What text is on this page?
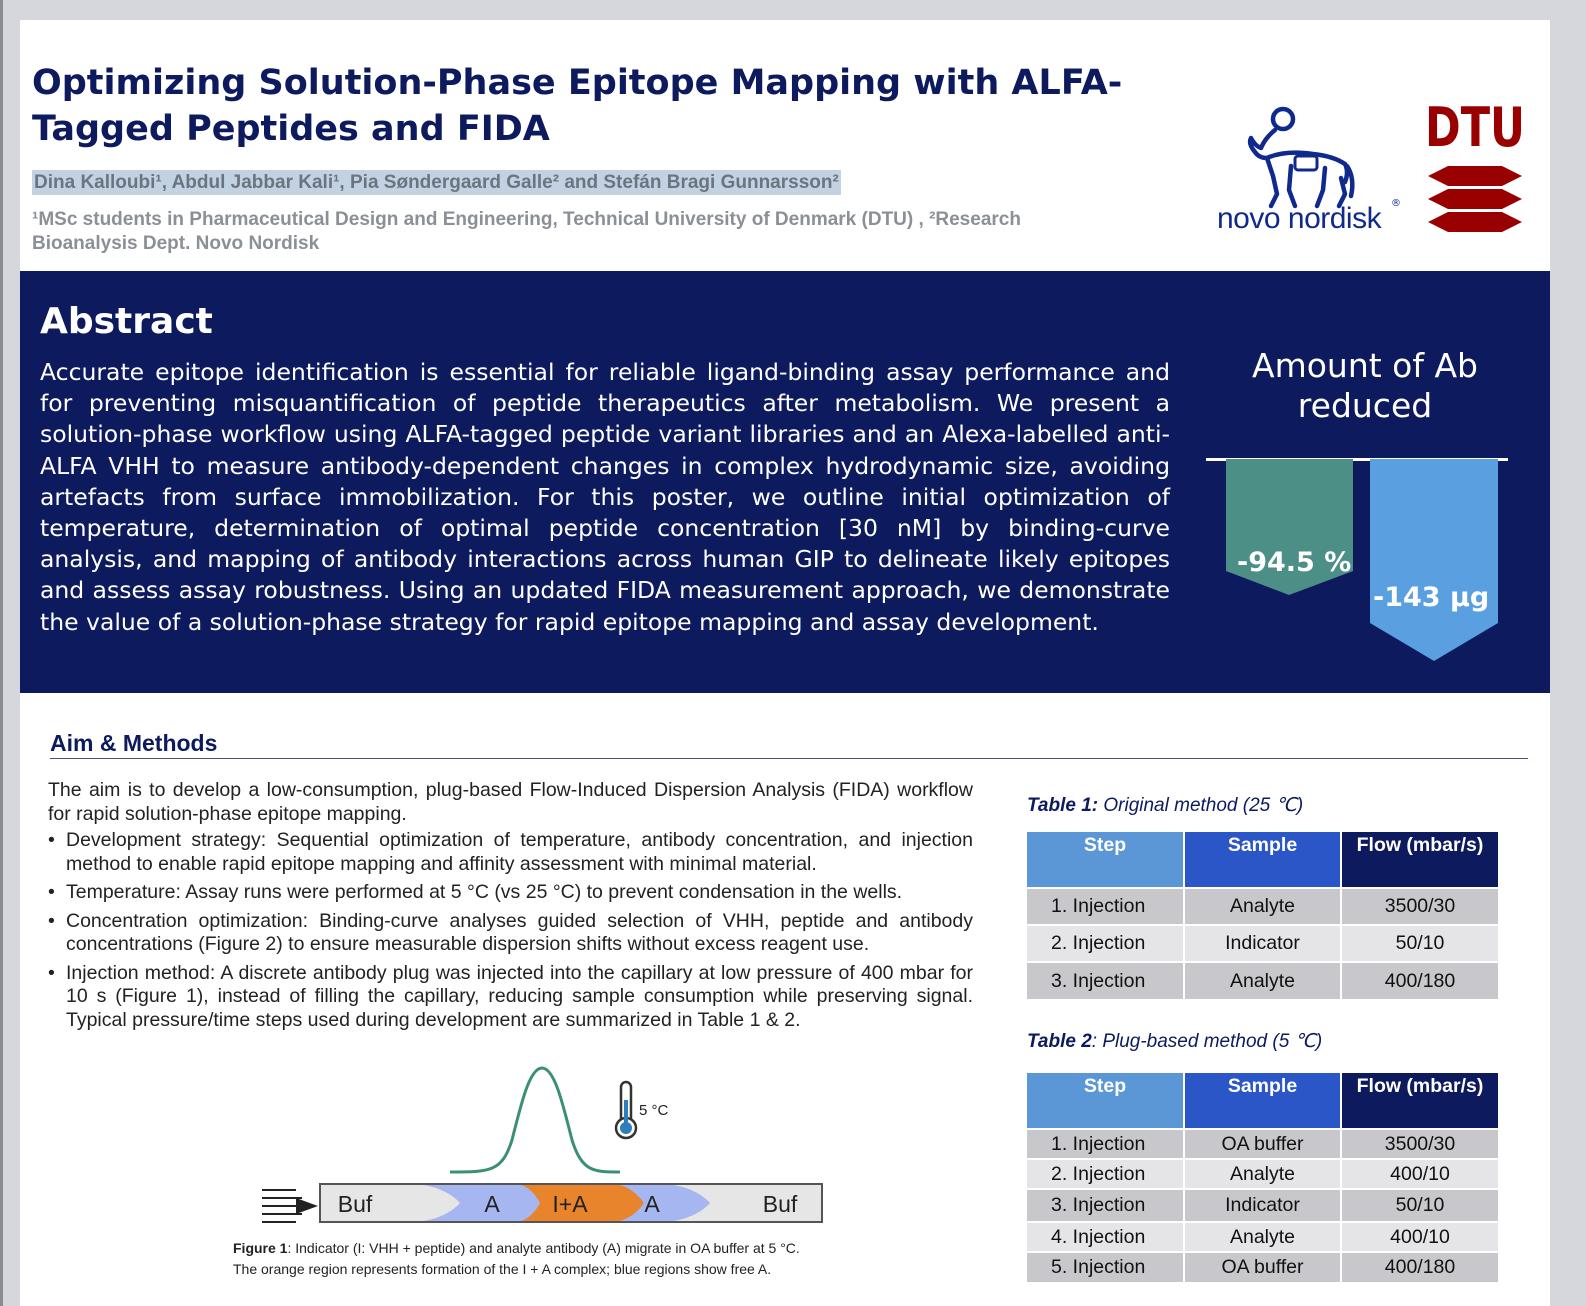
Optimizing Solution-Phase Epitope Mapping with ALFA-Tagged Peptides and FIDA
Dina Kalloubi¹, Abdul Jabbar Kali¹, Pia Søndergaard Galle² and Stefán Bragi Gunnarsson²
¹MSc students in Pharmaceutical Design and Engineering, Technical University of Denmark (DTU) , ²Research Bioanalysis Dept. Novo Nordisk
novo nordisk ®
DTU
Abstract
Accurate epitope identification is essential for reliable ligand-binding assay performance and for preventing misquantification of peptide therapeutics after metabolism. We present a solution-phase workflow using ALFA-tagged peptide variant libraries and an Alexa-labelled anti-ALFA VHH to measure antibody-dependent changes in complex hydrodynamic size, avoiding artefacts from surface immobilization. For this poster, we outline initial optimization of temperature, determination of optimal peptide concentration [30 nM] by binding-curve analysis, and mapping of antibody interactions across human GIP to delineate likely epitopes and assess assay robustness. Using an updated FIDA measurement approach, we demonstrate the value of a solution-phase strategy for rapid epitope mapping and assay development.
Amount of Ab reduced
-94.5 %
-143 µg
Aim & Methods

The aim is to develop a low-consumption, plug-based Flow-Induced Dispersion Analysis (FIDA) workflow for rapid solution-phase epitope mapping.

• Development strategy: Sequential optimization of temperature, antibody concentration, and injection method to enable rapid epitope mapping and affinity assessment with minimal material.
• Temperature: Assay runs were performed at 5 °C (vs 25 °C) to prevent condensation in the wells.
• Concentration optimization: Binding-curve analyses guided selection of VHH, peptide and antibody concentrations (Figure 2) to ensure measurable dispersion shifts without excess reagent use.
• Injection method: A discrete antibody plug was injected into the capillary at low pressure of 400 mbar for 10 s (Figure 1), instead of filling the capillary, reducing sample consumption while preserving signal. Typical pressure/time steps used during development are summarized in Table 1 & 2.
5 °C
Buf	A I+A A	Buf

Figure 1: Indicator (I: VHH + peptide) and analyte antibody (A) migrate in OA buffer at 5 °C.
The orange region represents formation of the I + A complex; blue regions show free A.

Table 1: Original method (25 ℃)

Step	Sample	Flow (mbar/s)
1. Injection	Analyte	3500/30
2. Injection	Indicator	50/10
3. Injection	Analyte	400/180

Table 2: Plug-based method (5 ℃)

Step	Sample	Flow (mbar/s)
1. Injection	OA buffer	3500/30
2. Injection	Analyte	400/10
3. Injection	Indicator	50/10
4. Injection	Analyte	400/10
5. Injection	OA buffer	400/180
